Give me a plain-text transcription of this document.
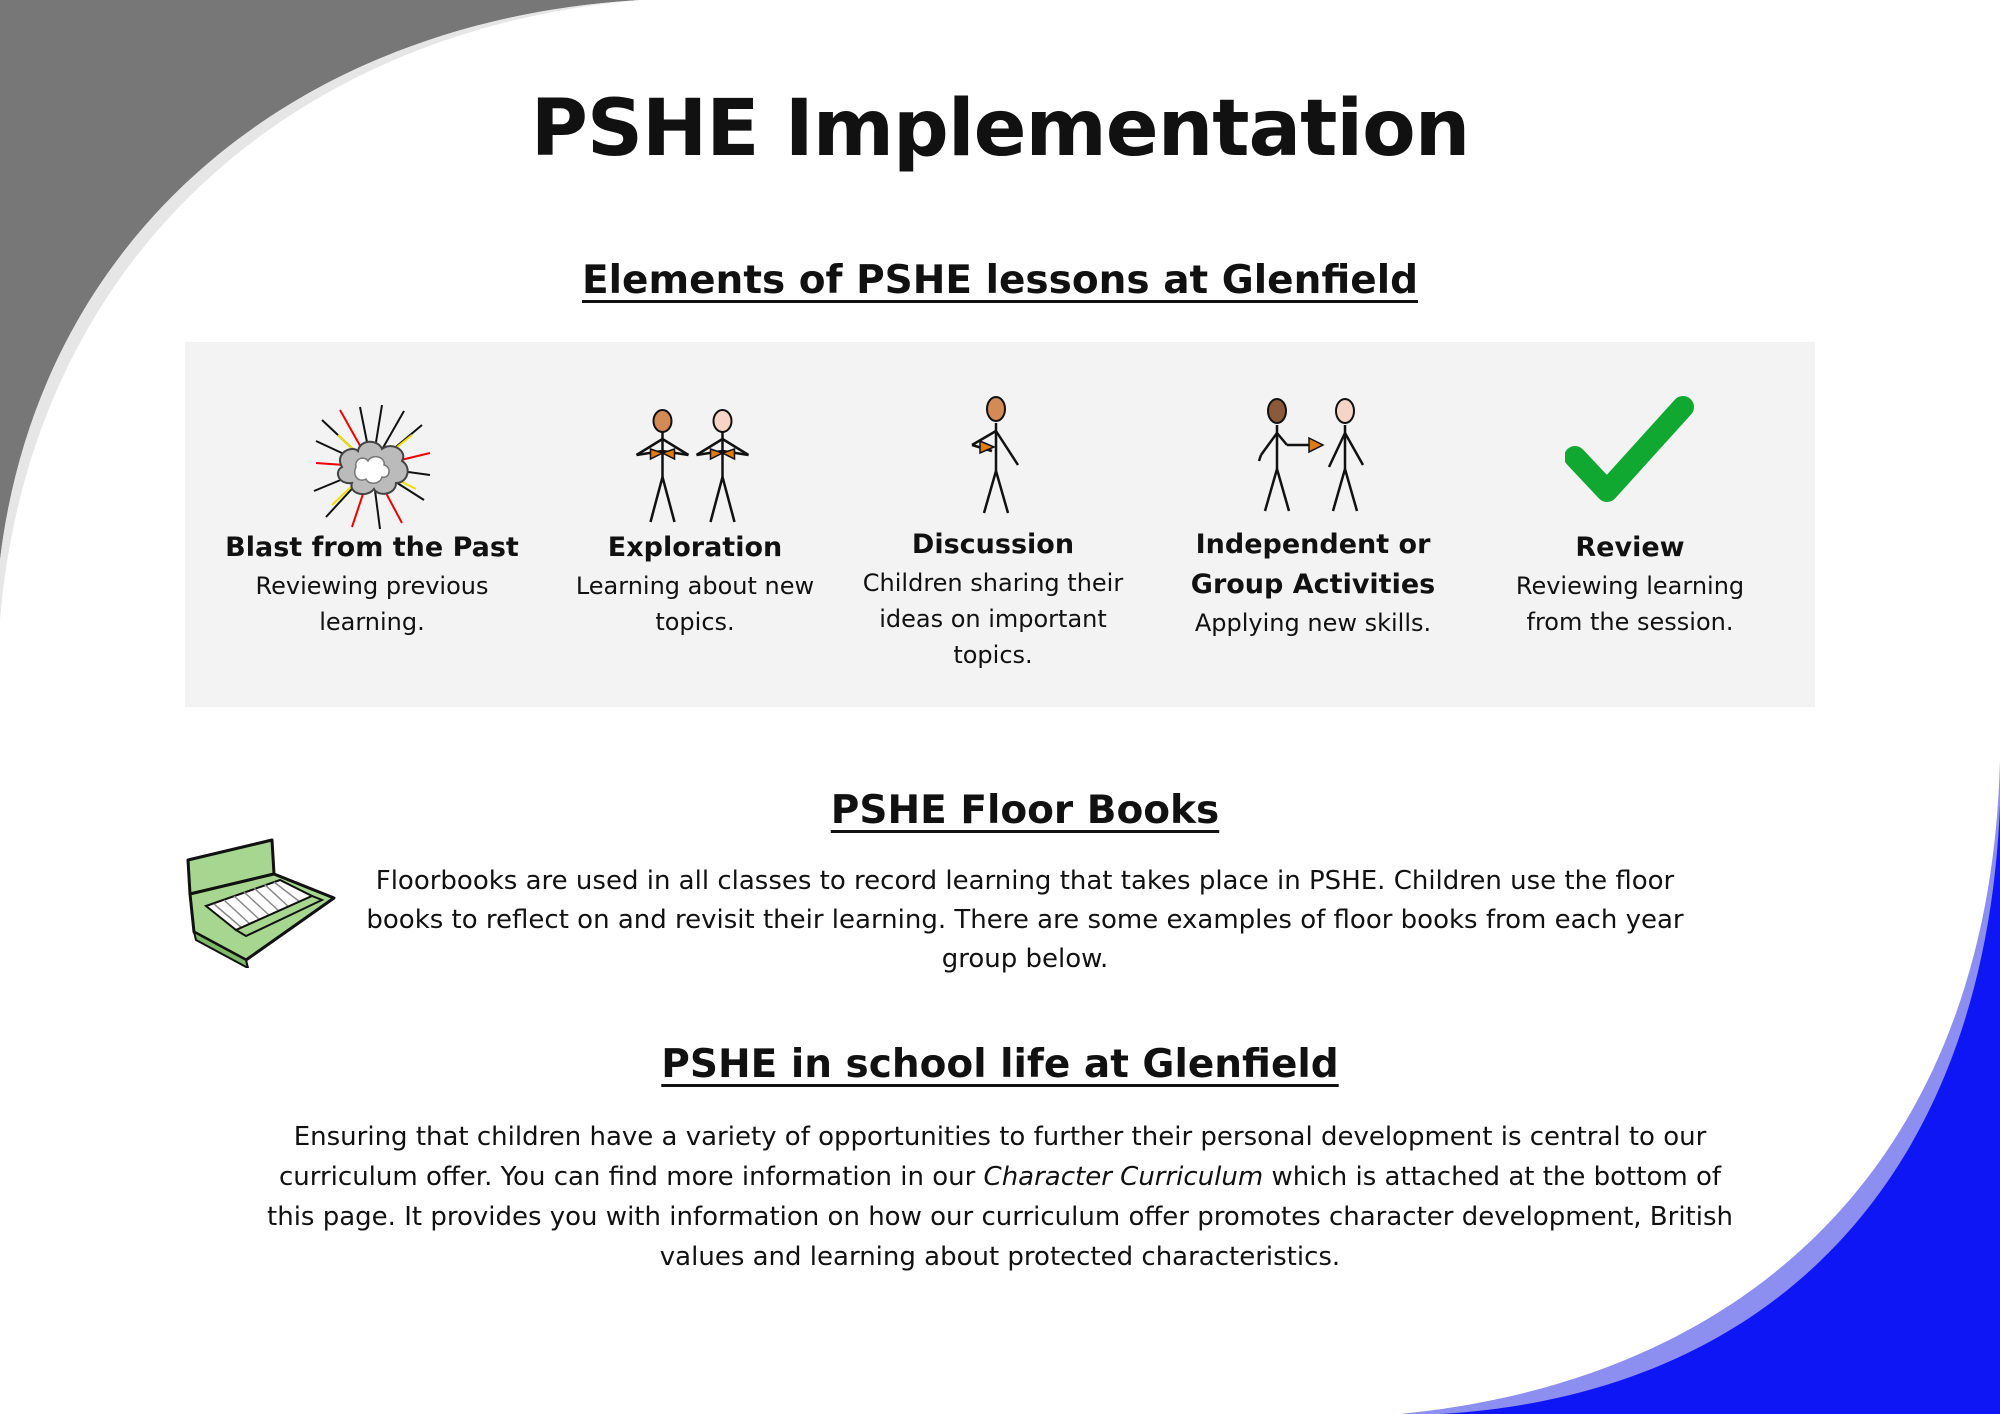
PSHE Implementation
Elements of PSHE lessons at Glenfield
Blast from the Past
Reviewing previous
learning.
Exploration
Learning about new
topics.
Discussion
Children sharing their
ideas on important
topics.
Independent or
Group Activities
Applying new skills.
Review
Reviewing learning
from the session.
PSHE Floor Books
Floorbooks are used in all classes to record learning that takes place in PSHE. Children use the floor
books to reflect on and revisit their learning. There are some examples of floor books from each year
group below.
PSHE in school life at Glenfield
Ensuring that children have a variety of opportunities to further their personal development is central to our
curriculum offer. You can find more information in our Character Curriculum which is attached at the bottom of
this page. It provides you with information on how our curriculum offer promotes character development, British
values and learning about protected characteristics.
